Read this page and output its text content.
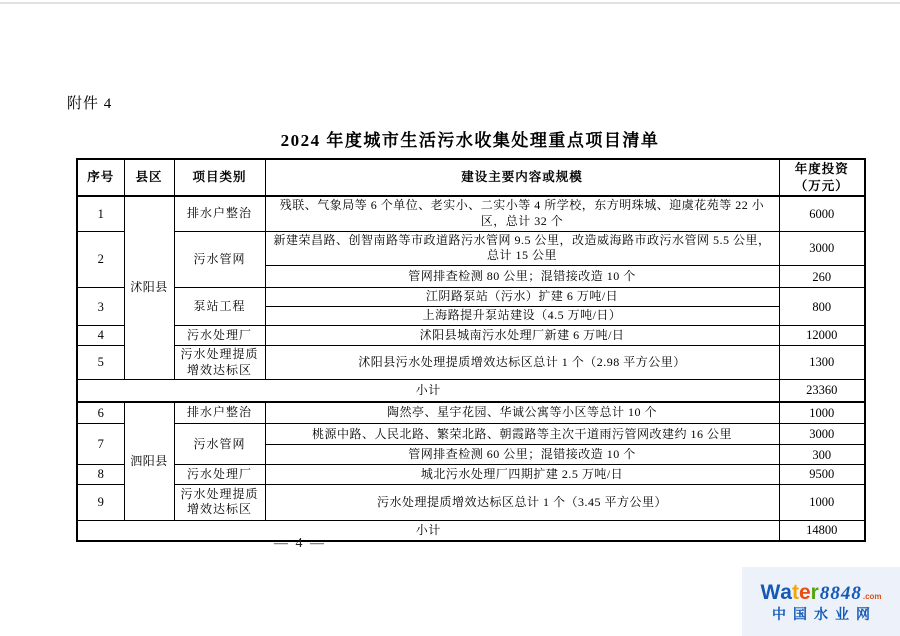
附件 4
2024 年度城市生活污水收集处理重点项目清单
序号	县区	项目类别	建设主要内容或规模	年度投资
（万元）

1	沭阳县	排水户整治	残联、气象局等 6 个单位、老实小、二实小等 4 所学校，东方明珠城、迎虞花苑等 22 小区，总计 32 个	6000
2		污水管网	新建荣昌路、创智南路等市政道路污水管网 9.5 公里，改造威海路市政污水管网 5.5 公里，总计 15 公里	3000
			管网排查检测 80 公里；混错接改造 10 个	260
3		泵站工程	江阴路泵站（污水）扩建 6 万吨/日	800
			上海路提升泵站建设（4.5 万吨/日）	
4		污水处理厂	沭阳县城南污水处理厂新建 6 万吨/日	12000
5		污水处理提质增效达标区	沭阳县污水处理提质增效达标区总计 1 个（2.98 平方公里）	1300
小计				23360
6	泗阳县	排水户整治	陶然亭、星宇花园、华诚公寓等小区等总计 10 个	1000
7		污水管网	桃源中路、人民北路、繁荣北路、朝霞路等主次干道雨污管网改建约 16 公里	3000
			管网排查检测 60 公里；混错接改造 10 个	300
8		污水处理厂	城北污水处理厂四期扩建 2.5 万吨/日	9500
9		污水处理提质增效达标区	污水处理提质增效达标区总计 1 个（3.45 平方公里）	1000
小计				14800
— 4 —
W a t e r 8848 .com
中国水业网
